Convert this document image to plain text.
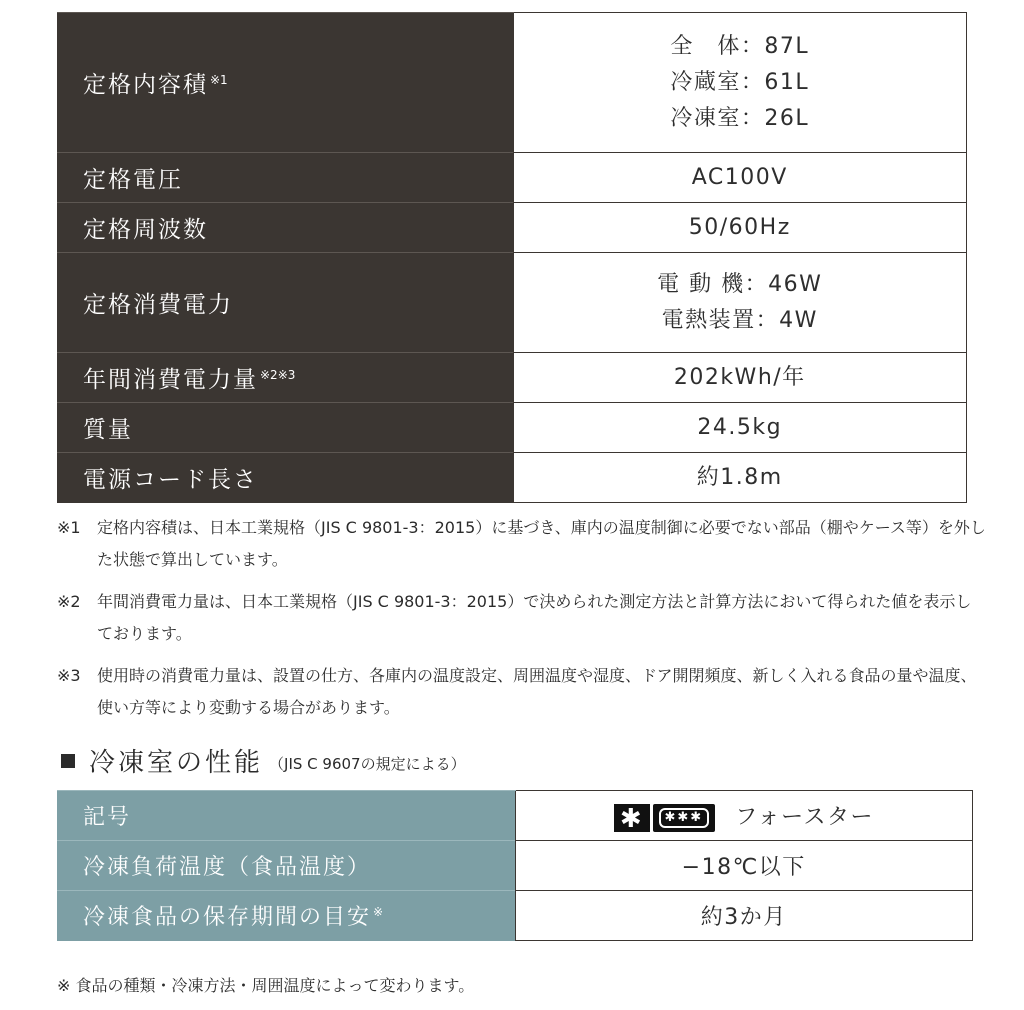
定格内容積 $^{※1}$	全　体：87L
冷蔵室：61L
冷凍室：26L

定格電圧	AC100V

定格周波数	50/60Hz

定格消費電力	電 動 機：46W
電熱装置：4W

年間消費電力量 $^{※2※3}$	202kWh/年

質量	24.5kg

電源コード長さ	約1.8m
※1	定格内容積は、日本工業規格（JIS C 9801-3：2015）に基づき、庫内の温度制御に必要でない部品（棚やケース等）を外した状態で算出しています。
※2	年間消費電力量は、日本工業規格（JIS C 9801-3：2015）で決められた測定方法と計算方法において得られた値を表示しております。
※3	使用時の消費電力量は、設置の仕方、各庫内の温度設定、周囲温度や湿度、ドア開閉頻度、新しく入れる食品の量や温度、使い方等により変動する場合があります。
冷凍室の性能 （JIS C 9607の規定による）
記号	✱ ✱✱✱ フォースター
冷凍負荷温度（食品温度）	−18℃以下
冷凍食品の保存期間の目安 ※	約3か月
※ 食品の種類・冷凍方法・周囲温度によって変わります。
